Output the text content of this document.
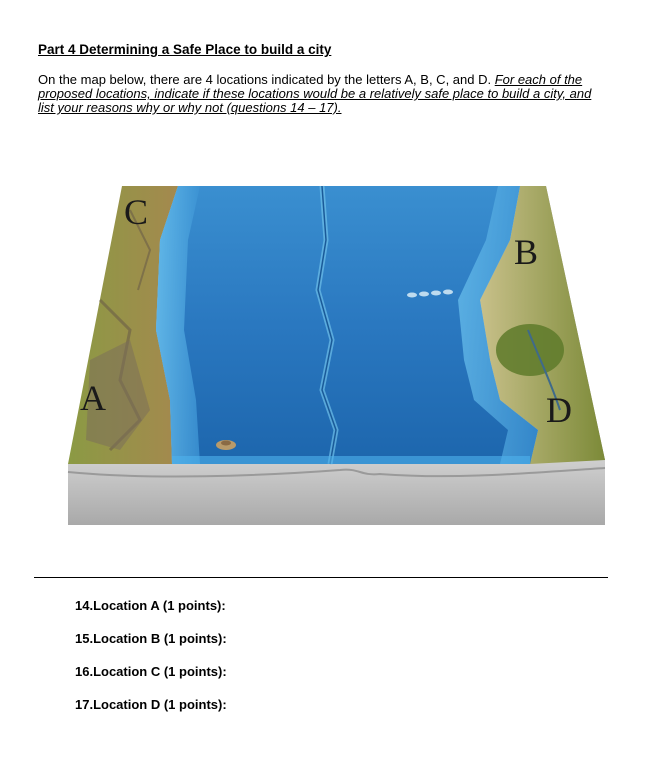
Part 4 Determining a Safe Place to build a city

On the map below, there are 4 locations indicated by the letters A, B, C, and D. For each of the proposed locations, indicate if these locations would be a relatively safe place to build a city, and list your reasons why or why not (questions 14 – 17).

C
B
A	D
14.Location A (1 points):
15.Location B (1 points):
16.Location C (1 points):
17.Location D (1 points):
